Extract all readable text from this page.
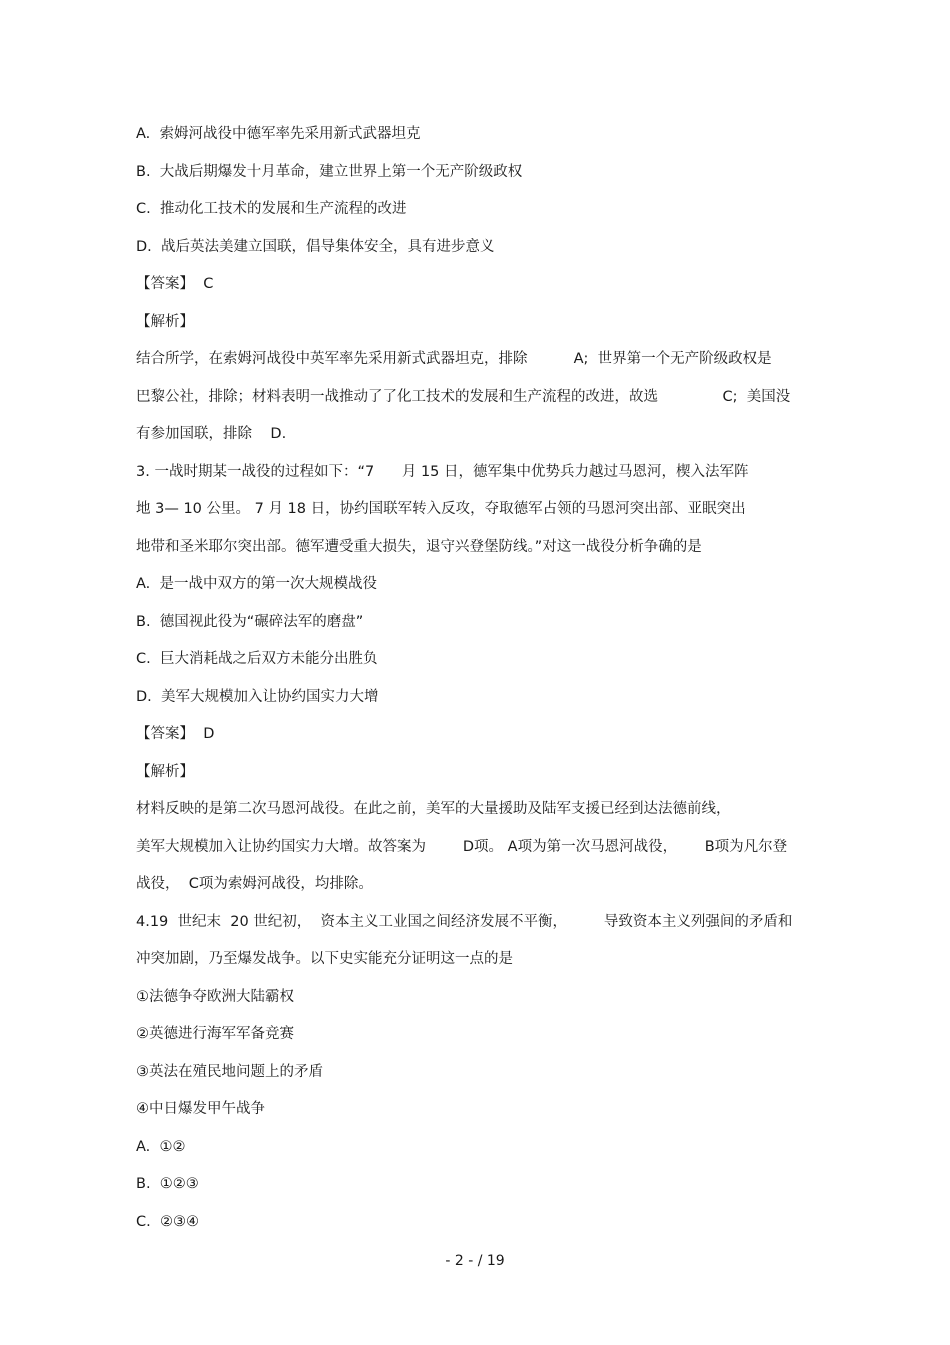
A.  索姆河战役中德军率先采用新式武器坦克
B.  大战后期爆发十月革命，建立世界上第一个无产阶级政权
C.  推动化工技术的发展和生产流程的改进
D.  战后英法美建立国联，倡导集体安全，具有进步意义
【答案】  C
【解析】
结合所学，在索姆河战役中英军率先采用新式武器坦克，排除          A;  世界第一个无产阶级政权是
巴黎公社，排除；材料表明一战推动了了化工技术的发展和生产流程的改进，故选              C;  美国没
有参加国联，排除    D.
3. 一战时期某一战役的过程如下：“7      月 15 日，德军集中优势兵力越过马恩河，楔入法军阵
地 3— 10 公里。 7 月 18 日，协约国联军转入反攻，夺取德军占领的马恩河突出部、亚眠突出
地带和圣米耶尔突出部。德军遭受重大损失，退守兴登堡防线。”对这一战役分析争确的是
A.  是一战中双方的第一次大规模战役
B.  德国视此役为“碾碎法军的磨盘”
C.  巨大消耗战之后双方未能分出胜负
D.  美军大规模加入让协约国实力大增
【答案】  D
【解析】
材料反映的是第二次马恩河战役。在此之前，美军的大量援助及陆军支援已经到达法德前线，
美军大规模加入让协约国实力大增。故答案为        D项。 A项为第一次马恩河战役，      B项为凡尔登
战役，  C项为索姆河战役，均排除。
4.19  世纪末  20 世纪初，  资本主义工业国之间经济发展不平衡，        导致资本主义列强间的矛盾和
冲突加剧，乃至爆发战争。以下史实能充分证明这一点的是
①法德争夺欧洲大陆霸权
②英德进行海军军备竞赛
③英法在殖民地问题上的矛盾
④中日爆发甲午战争
A.  ①②
B.  ①②③
C.  ②③④
- 2 - / 19
